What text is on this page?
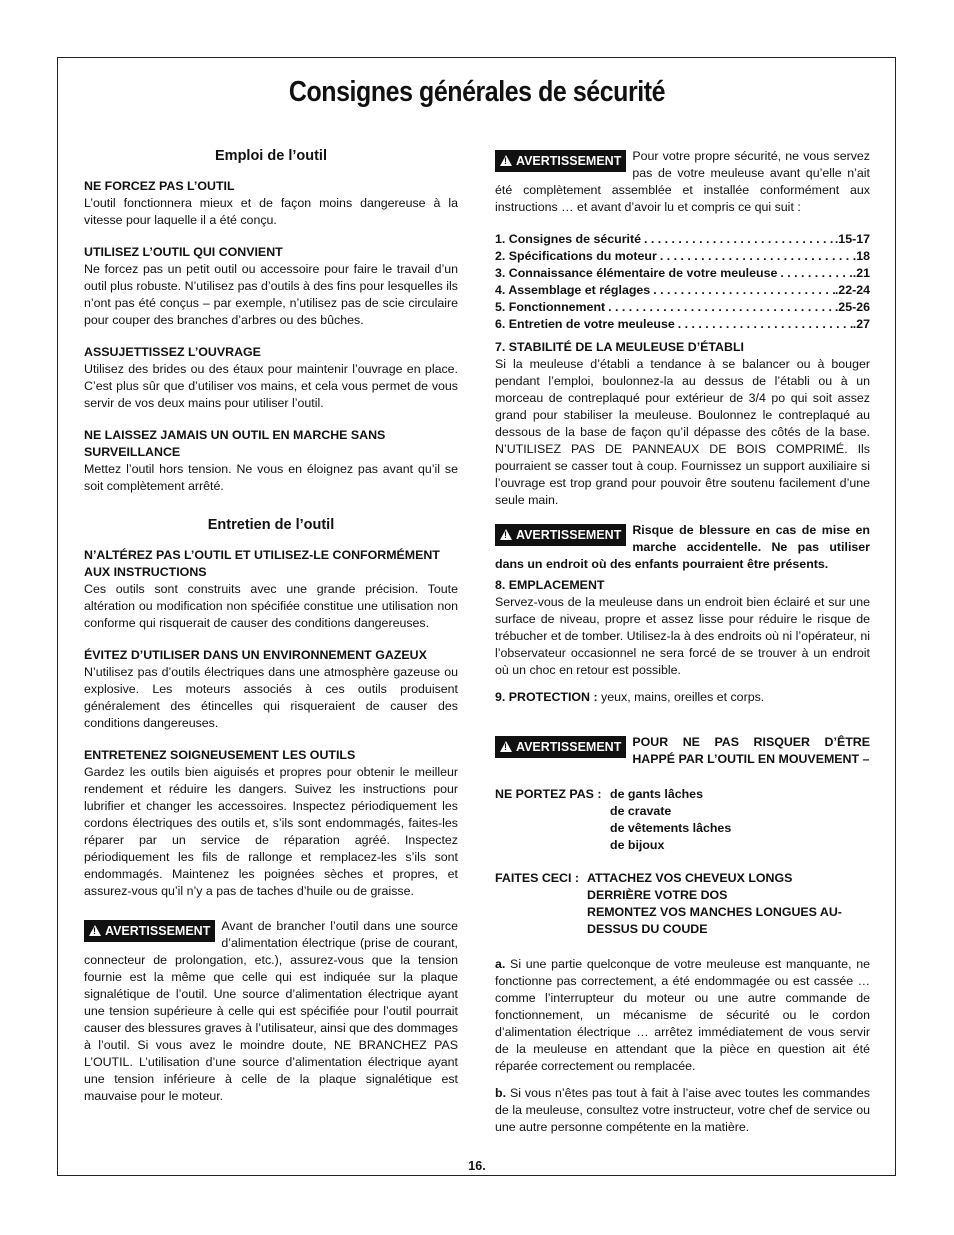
Consignes générales de sécurité
Emploi de l’outil
NE FORCEZ PAS L’OUTIL

L’outil fonctionnera mieux et de façon moins dangereuse à la vitesse pour laquelle il a été conçu.

UTILISEZ L’OUTIL QUI CONVIENT

Ne forcez pas un petit outil ou accessoire pour faire le travail d’un outil plus robuste. N’utilisez pas d’outils à des fins pour lesquelles ils n’ont pas été conçus – par exemple, n’utilisez pas de scie circulaire pour couper des branches d’arbres ou des bûches.

ASSUJETTISSEZ L’OUVRAGE

Utilisez des brides ou des étaux pour maintenir l’ouvrage en place. C’est plus sûr que d’utiliser vos mains, et cela vous permet de vous servir de vos deux mains pour utiliser l’outil.

NE LAISSEZ JAMAIS UN OUTIL EN MARCHE SANS SURVEILLANCE

Mettez l’outil hors tension. Ne vous en éloignez pas avant qu’il se soit complètement arrêté.

Entretien de l’outil
N’ALTÉREZ PAS L’OUTIL ET UTILISEZ-LE CONFORMÉMENT AUX INSTRUCTIONS

Ces outils sont construits avec une grande précision. Toute altération ou modification non spécifiée constitue une utilisation non conforme qui risquerait de causer des conditions dangereuses.

ÉVITEZ D’UTILISER DANS UN ENVIRONNEMENT GAZEUX

N’utilisez pas d’outils électriques dans une atmosphère gazeuse ou explosive. Les moteurs associés à ces outils produisent généralement des étincelles qui risqueraient de causer des conditions dangereuses.

ENTRETENEZ SOIGNEUSEMENT LES OUTILS

Gardez les outils bien aiguisés et propres pour obtenir le meilleur rendement et réduire les dangers. Suivez les instructions pour lubrifier et changer les accessoires. Inspectez périodiquement les cordons électriques des outils et, s’ils sont endommagés, faites-les réparer par un service de réparation agréé. Inspectez périodiquement les fils de rallonge et remplacez-les s’ils sont endommagés. Maintenez les poignées sèches et propres, et assurez-vous qu’il n’y a pas de taches d’huile ou de graisse.

!AVERTISSEMENT Avant de brancher l’outil dans une source d’alimentation électrique (prise de courant, connecteur de prolongation, etc.), assurez-vous que la tension fournie est la même que celle qui est indiquée sur la plaque signalétique de l’outil. Une source d’alimentation électrique ayant une tension supérieure à celle qui est spécifiée pour l’outil pourrait causer des blessures graves à l’utilisateur, ainsi que des dommages à l’outil. Si vous avez le moindre doute, NE BRANCHEZ PAS L’OUTIL. L’utilisation d’une source d’alimentation électrique ayant une tension inférieure à celle de la plaque signalétique est mauvaise pour le moteur.

!AVERTISSEMENT Pour votre propre sécurité, ne vous servez pas de votre meuleuse avant qu’elle n’ait été complètement assemblée et installée conformément aux instructions … et avant d’avoir lu et compris ce qui suit :

1. Consignes de sécurité . . .	.15-17
2. Spécifications du moteur . . .	.18
3. Connaissance élémentaire de votre meuleuse . . .	.21
4. Assemblage et réglages . . .	.22-24
5. Fonctionnement . . .	.25-26
6. Entretien de votre meuleuse . . .	.27
7. STABILITÉ DE LA MEULEUSE D’ÉTABLI

Si la meuleuse d’établi a tendance à se balancer ou à bouger pendant l’emploi, boulonnez-la au dessus de l’établi ou à un morceau de contreplaqué pour extérieur de 3/4 po qui soit assez grand pour stabiliser la meuleuse. Boulonnez le contreplaqué au dessous de la base de façon qu’il dépasse des côtés de la base. N’UTILISEZ PAS DE PANNEAUX DE BOIS COMPRIMÉ. Ils pourraient se casser tout à coup. Fournissez un support auxiliaire si l’ouvrage est trop grand pour pouvoir être soutenu facilement d’une seule main.

!AVERTISSEMENT Risque de blessure en cas de mise en marche accidentelle. Ne pas utiliser dans un endroit où des enfants pourraient être présents.

8. EMPLACEMENT

Servez-vous de la meuleuse dans un endroit bien éclairé et sur une surface de niveau, propre et assez lisse pour réduire le risque de trébucher et de tomber. Utilisez-la à des endroits où ni l’opérateur, ni l’observateur occasionnel ne sera forcé de se trouver à un endroit où un choc en retour est possible.

9. PROTECTION : yeux, mains, oreilles et corps.

!AVERTISSEMENT POUR NE PAS RISQUER D’ÊTRE HAPPÉ PAR L’OUTIL EN MOUVEMENT –

NE PORTEZ PAS : de gants lâches
de cravate
de vêtements lâches
de bijoux
FAITES CECI : ATTACHEZ VOS CHEVEUX LONGS DERRIÈRE VOTRE DOS
REMONTEZ VOS MANCHES LONGUES AU-DESSUS DU COUDE

a. Si une partie quelconque de votre meuleuse est manquante, ne fonctionne pas correctement, a été endommagée ou est cassée … comme l’interrupteur du moteur ou une autre commande de fonctionnement, un mécanisme de sécurité ou le cordon d’alimentation électrique … arrêtez immédiatement de vous servir de la meuleuse en attendant que la pièce en question ait été réparée correctement ou remplacée.

b. Si vous n’êtes pas tout à fait à l’aise avec toutes les commandes de la meuleuse, consultez votre instructeur, votre chef de service ou une autre personne compétente en la matière.

16.
